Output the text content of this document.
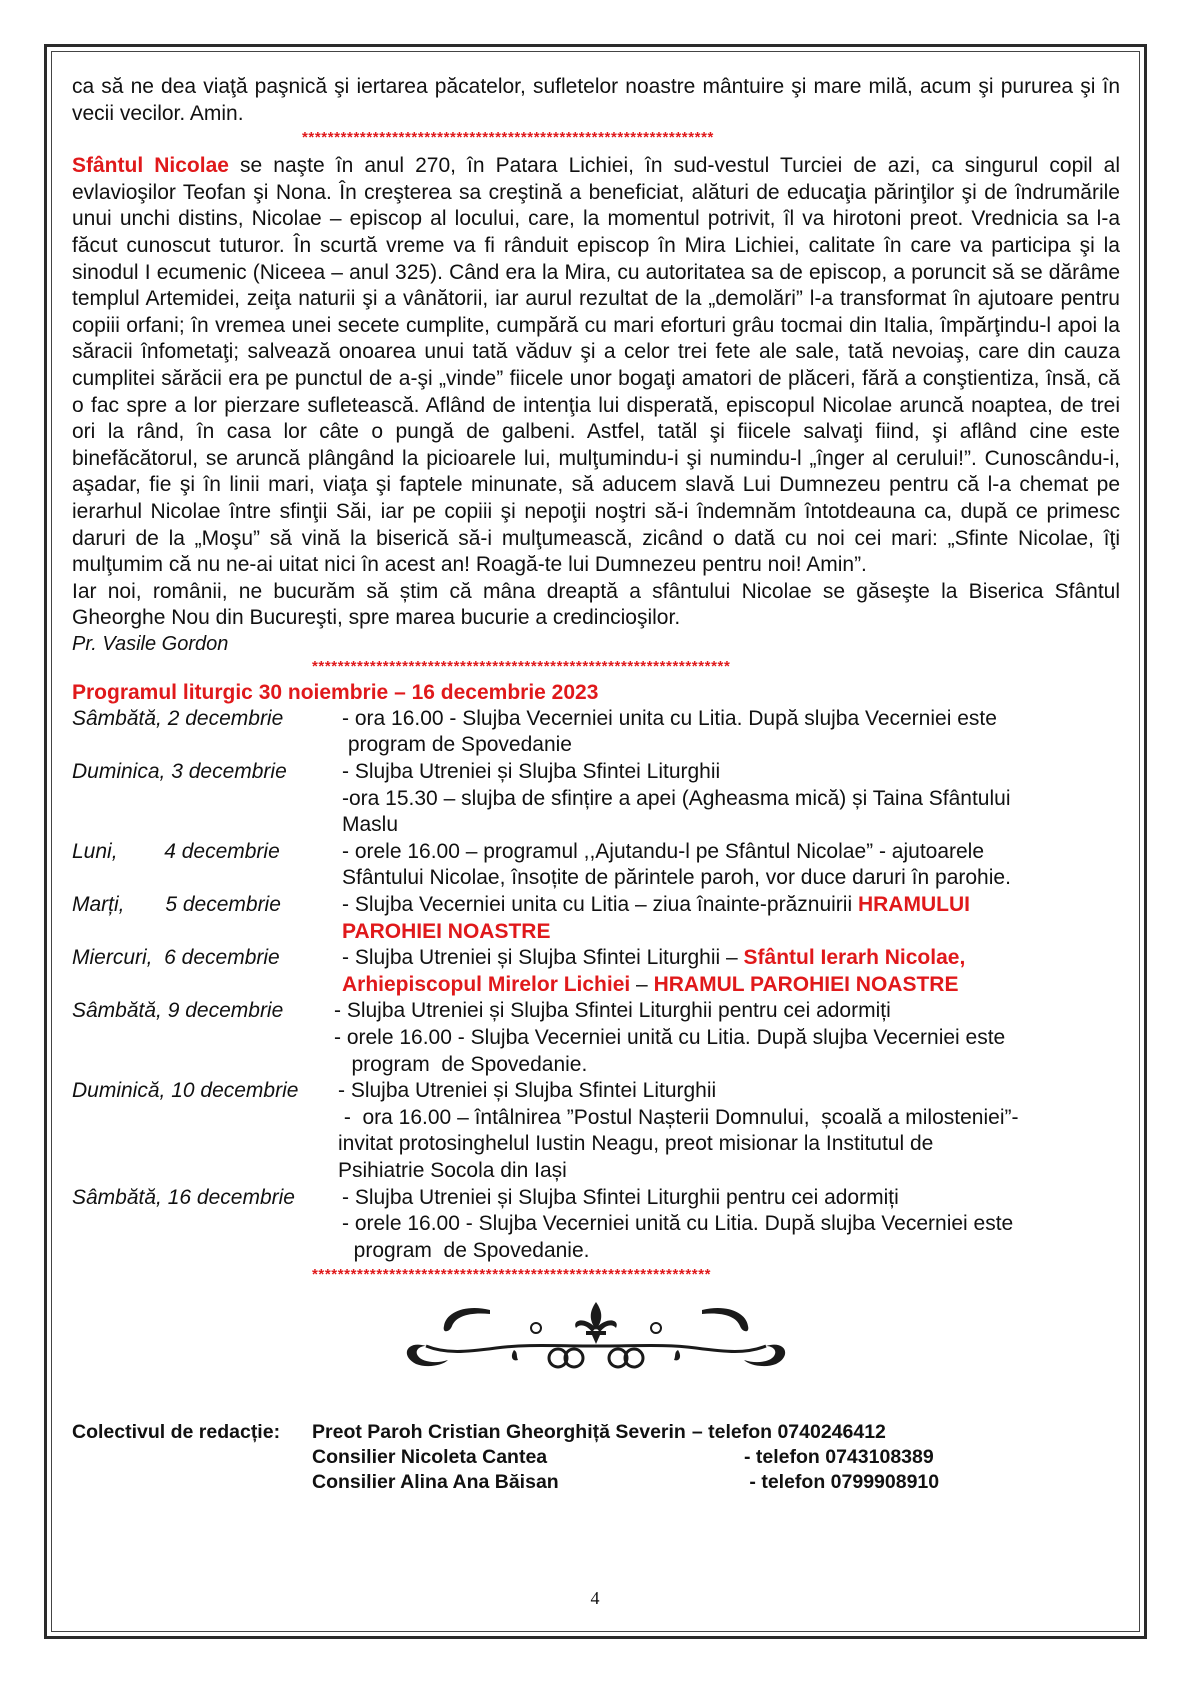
ca să ne dea viaţă paşnică şi iertarea păcatelor, sufletelor noastre mântuire şi mare milă, acum şi pururea şi în vecii vecilor. Amin.
****************************************************************
Sfântul Nicolae se naşte în anul 270, în Patara Lichiei, în sud-vestul Turciei de azi, ca singurul copil al evlavioşilor Teofan şi Nona. În creşterea sa creştină a beneficiat, alături de educaţia părinţilor şi de îndrumările unui unchi distins, Nicolae – episcop al locului, care, la momentul potrivit, îl va hirotoni preot. Vrednicia sa l-a făcut cunoscut tuturor. În scurtă vreme va fi rânduit episcop în Mira Lichiei, calitate în care va participa şi la sinodul I ecumenic (Niceea – anul 325). Când era la Mira, cu autoritatea sa de episcop, a poruncit să se dărâme templul Artemidei, zeiţa naturii şi a vânătorii, iar aurul rezultat de la „demolări” l-a transformat în ajutoare pentru copiii orfani; în vremea unei secete cumplite, cumpără cu mari eforturi grâu tocmai din Italia, împărţindu-l apoi la săracii înfometaţi; salvează onoarea unui tată văduv şi a celor trei fete ale sale, tată nevoiaş, care din cauza cumplitei sărăcii era pe punctul de a-şi „vinde” fiicele unor bogaţi amatori de plăceri, fără a conştientiza, însă, că o fac spre a lor pierzare sufletească. Aflând de intenţia lui disperată, episcopul Nicolae aruncă noaptea, de trei ori la rând, în casa lor câte o pungă de galbeni. Astfel, tatăl şi fiicele salvaţi fiind, şi aflând cine este binefăcătorul, se aruncă plângând la picioarele lui, mulţumindu-i şi numindu-l „înger al cerului!”. Cunoscându-i, aşadar, fie şi în linii mari, viaţa şi faptele minunate, să aducem slavă Lui Dumnezeu pentru că l-a chemat pe ierarhul Nicolae între sfinţii Săi, iar pe copiii şi nepoţii noştri să-i îndemnăm întotdeauna ca, după ce primesc daruri de la „Moşu” să vină la biserică să-i mulţumească, zicând o dată cu noi cei mari: „Sfinte Nicolae, îţi mulţumim că nu ne-ai uitat nici în acest an! Roagă-te lui Dumnezeu pentru noi! Amin”.
Iar noi, românii, ne bucurăm să știm că mâna dreaptă a sfântului Nicolae se găseşte la Biserica Sfântul Gheorghe Nou din Bucureşti, spre marea bucurie a credincioşilor.
Pr. Vasile Gordon
*****************************************************************
Programul liturgic 30 noiembrie – 16 decembrie 2023
Sâmbătă, 2 decembrie	- ora 16.00 - Slujba Vecerniei unita cu Litia. După slujba Vecerniei este
program de Spovedanie
Duminica, 3 decembrie	- Slujba Utreniei și Slujba Sfintei Liturghii
-ora 15.30 – slujba de sfințire a apei (Agheasma mică) și Taina Sfântului
Maslu
Luni,        4 decembrie	- orele 16.00 – programul ,,Ajutandu-l pe Sfântul Nicolae” - ajutoarele
Sfântului Nicolae, însoțite de părintele paroh, vor duce daruri în parohie.
Marți,       5 decembrie	- Slujba Vecerniei unita cu Litia – ziua înainte-prăznuirii HRAMULUI
PAROHIEI NOASTRE
Miercuri,  6 decembrie	- Slujba Utreniei și Slujba Sfintei Liturghii – Sfântul Ierarh Nicolae,
Arhiepiscopul Mirelor Lichiei – HRAMUL PAROHIEI NOASTRE
Sâmbătă, 9 decembrie	- Slujba Utreniei și Slujba Sfintei Liturghii pentru cei adormiți
- orele 16.00 - Slujba Vecerniei unită cu Litia. După slujba Vecerniei este
program  de Spovedanie.
Duminică, 10 decembrie	- Slujba Utreniei și Slujba Sfintei Liturghii
-  ora 16.00 – întâlnirea ”Postul Nașterii Domnului,  școală a milosteniei”-
invitat protosinghelul Iustin Neagu, preot misionar la Institutul de
Psihiatrie Socola din Iași
Sâmbătă, 16 decembrie	- Slujba Utreniei și Slujba Sfintei Liturghii pentru cei adormiți
- orele 16.00 - Slujba Vecerniei unită cu Litia. După slujba Vecerniei este
program  de Spovedanie.
**************************************************************
Colectivul de redacție:	Preot Paroh Cristian Gheorghiță Severin – telefon 0740246412
Consilier Nicoleta Cantea	- telefon 0743108389
Consilier Alina Ana Băisan	- telefon 0799908910
4
